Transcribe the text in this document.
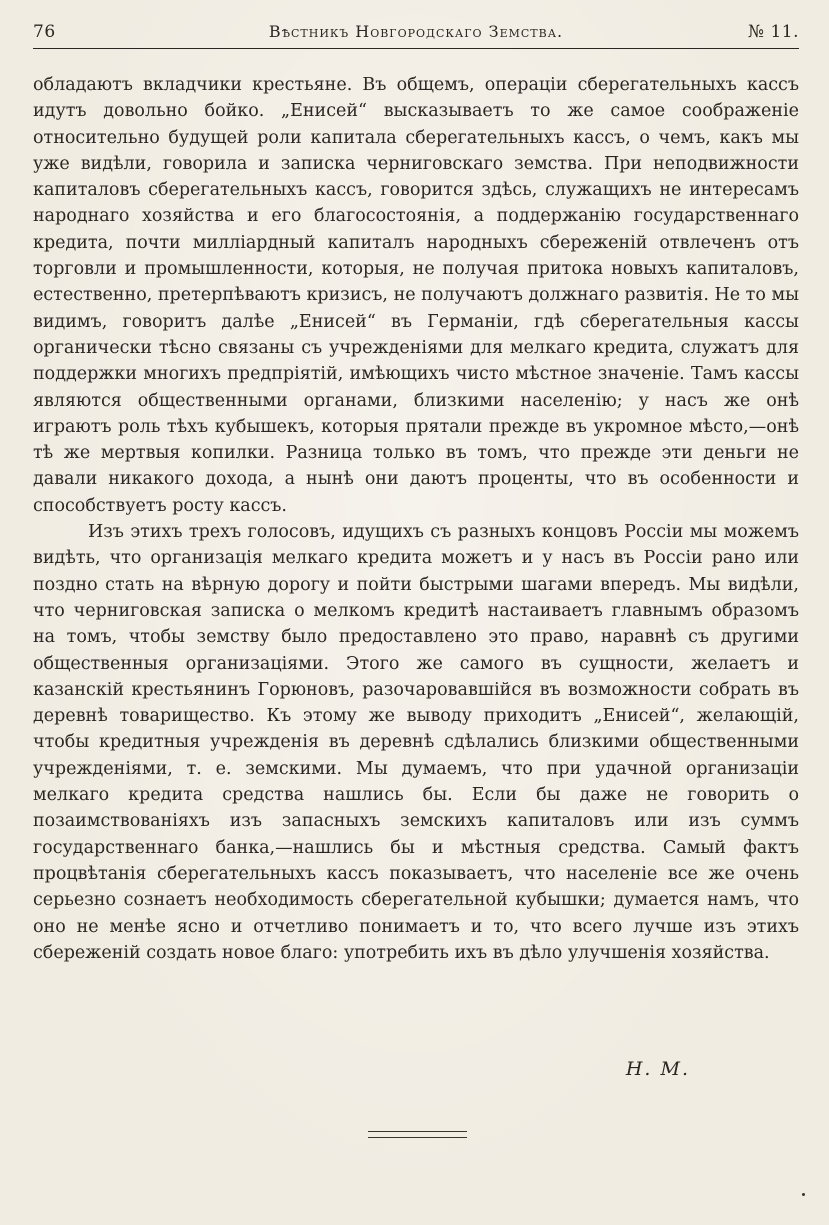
76	Вѣстникъ Новгородскаго Земства.	№ 11.

обладаютъ вкладчики крестьяне. Въ общемъ, операціи сберегательныхъ кассъ идутъ довольно бойко. „Енисей“ высказываетъ то же самое соображеніе относительно будущей роли капитала сберегательныхъ кассъ, о чемъ, какъ мы уже видѣли, говорила и записка черниговскаго земства. При неподвижности капиталовъ сберегательныхъ кассъ, говорится здѣсь, служащихъ не интересамъ народнаго хозяйства и его благосостоянія, а поддержанію государственнаго кредита, почти милліардный капиталъ народныхъ сбереженій отвлеченъ отъ торговли и промышленности, которыя, не получая притока новыхъ капиталовъ, естественно, претерпѣваютъ кризисъ, не получаютъ должнаго развитія. Не то мы видимъ, говоритъ далѣе „Енисей“ въ Германіи, гдѣ сберегательныя кассы органически тѣсно связаны съ учрежденіями для мелкаго кредита, служатъ для поддержки многихъ предпріятій, имѣющихъ чисто мѣстное значеніе. Тамъ кассы являются общественными органами, близкими населенію; у насъ же онѣ играютъ роль тѣхъ кубышекъ, которыя прятали прежде въ укромное мѣсто,—онѣ тѣ же мертвыя копилки. Разница только въ томъ, что прежде эти деньги не давали никакого дохода, а нынѣ они даютъ проценты, что въ особенности и способствуетъ росту кассъ.

Изъ этихъ трехъ голосовъ, идущихъ съ разныхъ концовъ Россіи мы можемъ видѣть, что организація мелкаго кредита можетъ и у насъ въ Россіи рано или поздно стать на вѣрную дорогу и пойти быстрыми шагами впередъ. Мы видѣли, что черниговская записка о мелкомъ кредитѣ настаиваетъ главнымъ образомъ на томъ, чтобы земству было предоставлено это право, наравнѣ съ другими общественныя организаціями. Этого же самого въ сущности, желаетъ и казанскій крестьянинъ Горюновъ, разочаровавшійся въ возможности собрать въ деревнѣ товарищество. Къ этому же выводу приходитъ „Енисей“, желающій, чтобы кредитныя учрежденія въ деревнѣ сдѣлались близкими общественными учрежденіями, т. е. земскими. Мы думаемъ, что при удачной организаціи мелкаго кредита средства нашлись бы. Если бы даже не говорить о позаимствованіяхъ изъ запасныхъ земскихъ капиталовъ или изъ суммъ государственнаго банка,—нашлись бы и мѣстныя средства. Самый фактъ процвѣтанія сберегательныхъ кассъ показываетъ, что населеніе все же очень серьезно сознаетъ необходимость сберегательной кубышки; думается намъ, что оно не менѣе ясно и отчетливо понимаетъ и то, что всего лучше изъ этихъ сбереженій создать новое благо: употребить ихъ въ дѣло улучшенія хозяйства.

Н. М.
